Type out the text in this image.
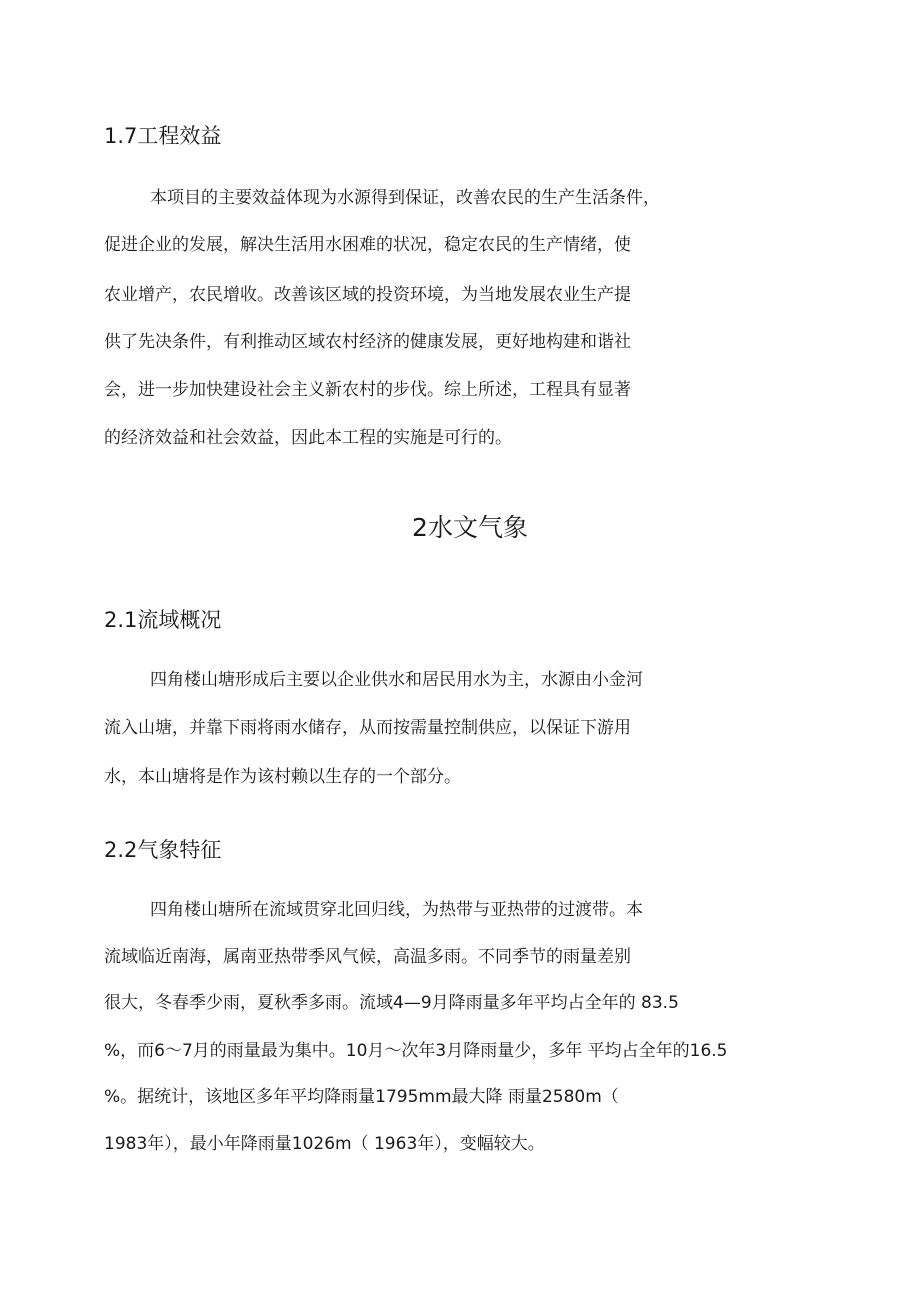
1.7工程效益

本项目的主要效益体现为水源得到保证，改善农民的生产生活条件，

促进企业的发展，解决生活用水困难的状况，稳定农民的生产情绪，使

农业增产，农民增收。改善该区域的投资环境，为当地发展农业生产提

供了先决条件，有利推动区域农村经济的健康发展，更好地构建和谐社

会，进一步加快建设社会主义新农村的步伐。综上所述，工程具有显著

的经济效益和社会效益，因此本工程的实施是可行的。

2水文气象
2.1流域概况

四角楼山塘形成后主要以企业供水和居民用水为主，水源由小金河

流入山塘，并靠下雨将雨水储存，从而按需量控制供应，以保证下游用

水，本山塘将是作为该村赖以生存的一个部分。

2.2气象特征

四角楼山塘所在流域贯穿北回归线，为热带与亚热带的过渡带。本

流域临近南海，属南亚热带季风气候，高温多雨。不同季节的雨量差别

很大，冬春季少雨，夏秋季多雨。流域4—9月降雨量多年平均占全年的 83.5

%，而6～7月的雨量最为集中。10月～次年3月降雨量少，多年 平均占全年的16.5

%。据统计，该地区多年平均降雨量1795mm最大降 雨量2580m（

1983年），最小年降雨量1026m（ 1963年），变幅较大。
